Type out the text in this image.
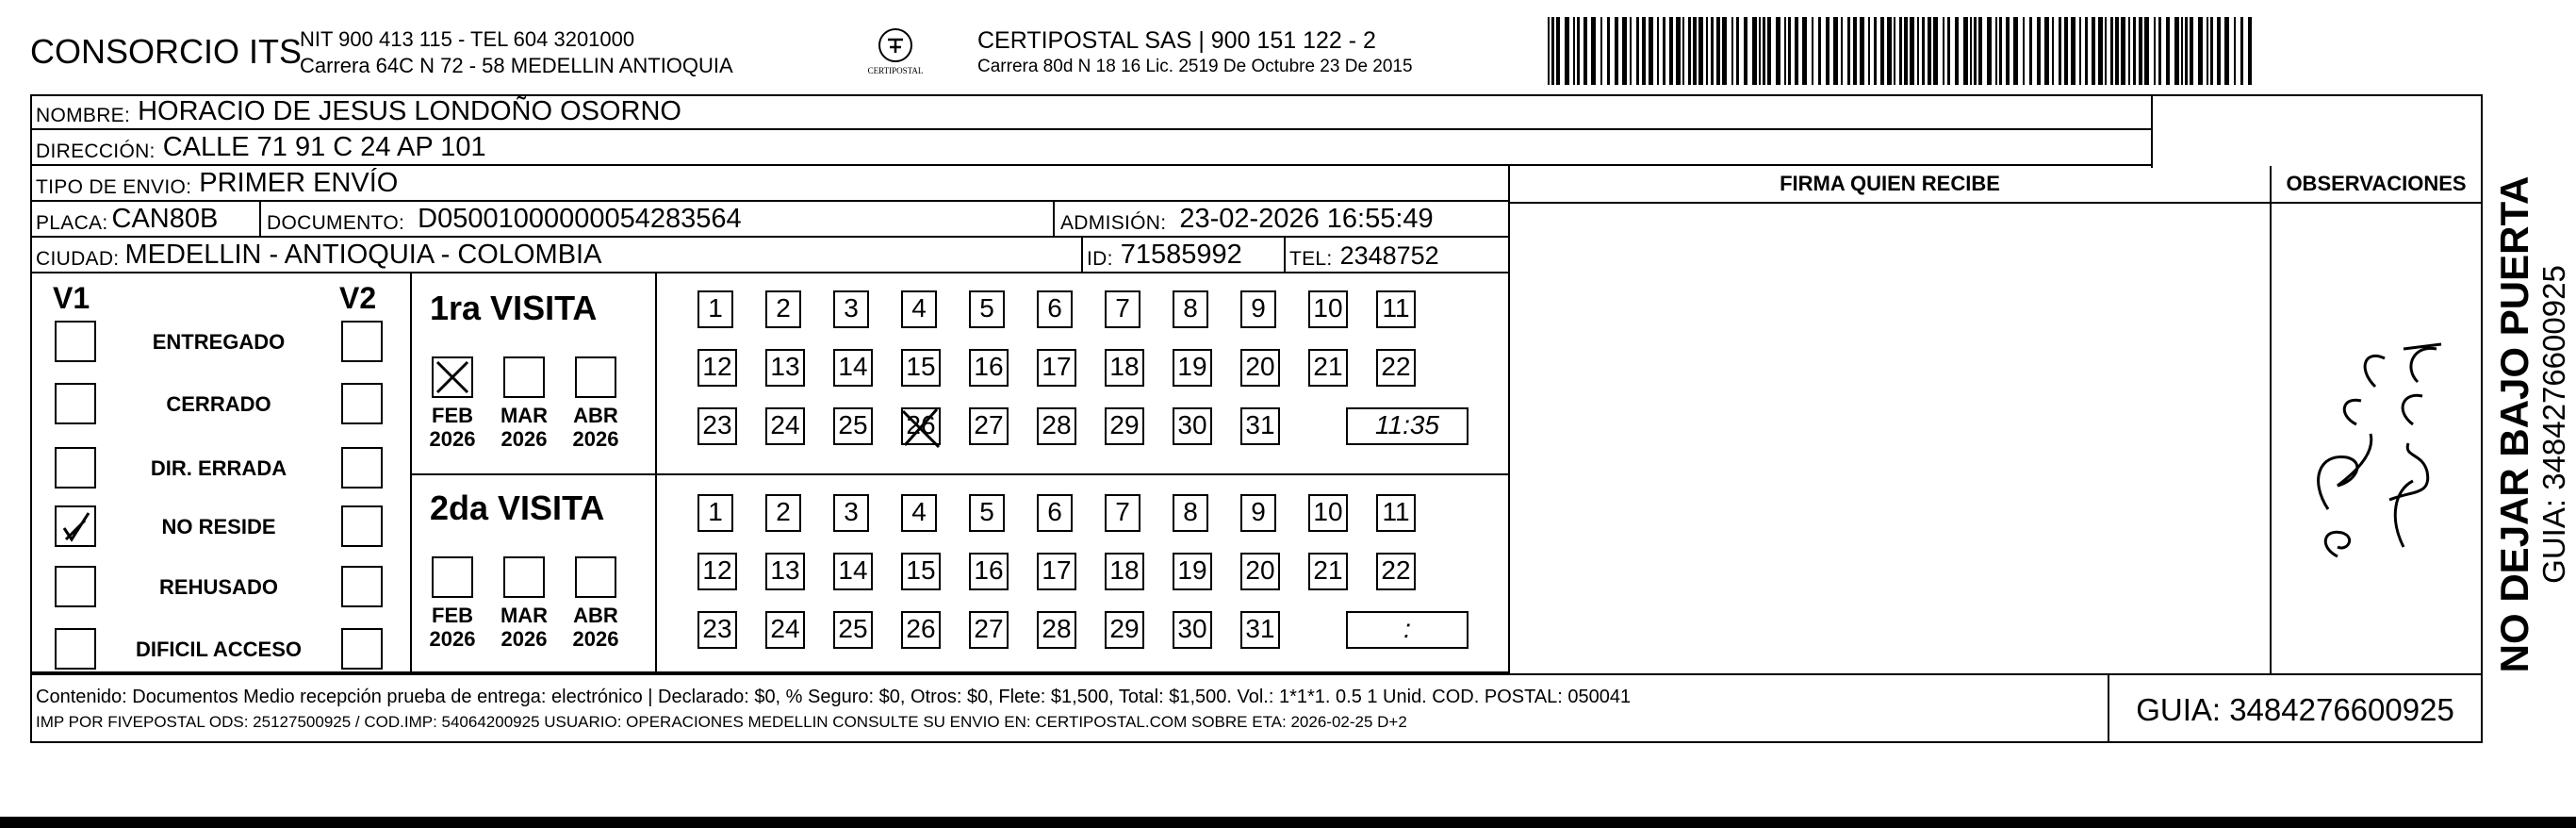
CONSORCIO ITS
NIT 900 413 115 - TEL 604 3201000
Carrera 64C N 72 - 58 MEDELLIN ANTIOQUIA	CERTIPOSTAL
CERTIPOSTAL SAS | 900 151 122 - 2
Carrera 80d N 18 16 Lic. 2519 De Octubre 23 De 2015
NOMBRE: HORACIO DE JESUS LONDOÑO OSORNO
DIRECCIÓN: CALLE 71 91 C 24 AP 101
FIRMA QUIEN RECIBE	OBSERVACIONES
TIPO DE ENVIO: PRIMER ENVÍO
PLACA: CAN80B DOCUMENTO: D05001000000054283564	ADMISIÓN: 23-02-2026 16:55:49
CIUDAD: MEDELLIN - ANTIOQUIA - COLOMBIA	ID: 71585992 TEL: 2348752
V1	V2
ENTREGADO
CERRADO
DIR. ERRADA
NO RESIDE
REHUSADO
DIFICIL ACCESO
1ra VISITA
2da VISITA
FEB
2026
MAR
2026
ABR
2026
FEB
2026
MAR
2026
ABR
2026
1	2	3	4	5	6	7	8	9	10 11
12 13 14 15 16 17 18 19 20 21 22
23 24 25 26 27 28 29 30 31	11:35
1	2	3	4	5	6	7	8	9	10 11
12 13 14 15 16 17 18 19 20 21 22
23 24 25 26 27 28 29 30 31	:	NO DEJAR BAJO PUERTA GUIA: 3484276600925
Contenido: Documentos Medio recepción prueba de entrega: electrónico | Declarado: $0, % Seguro: $0, Otros: $0, Flete: $1,500, Total: $1,500. Vol.: 1*1*1. 0.5 1 Unid. COD. POSTAL: 050041
IMP POR FIVEPOSTAL ODS: 25127500925 / COD.IMP: 54064200925 USUARIO: OPERACIONES MEDELLIN CONSULTE SU ENVIO EN: CERTIPOSTAL.COM SOBRE ETA: 2026-02-25 D+2	GUIA: 3484276600925
